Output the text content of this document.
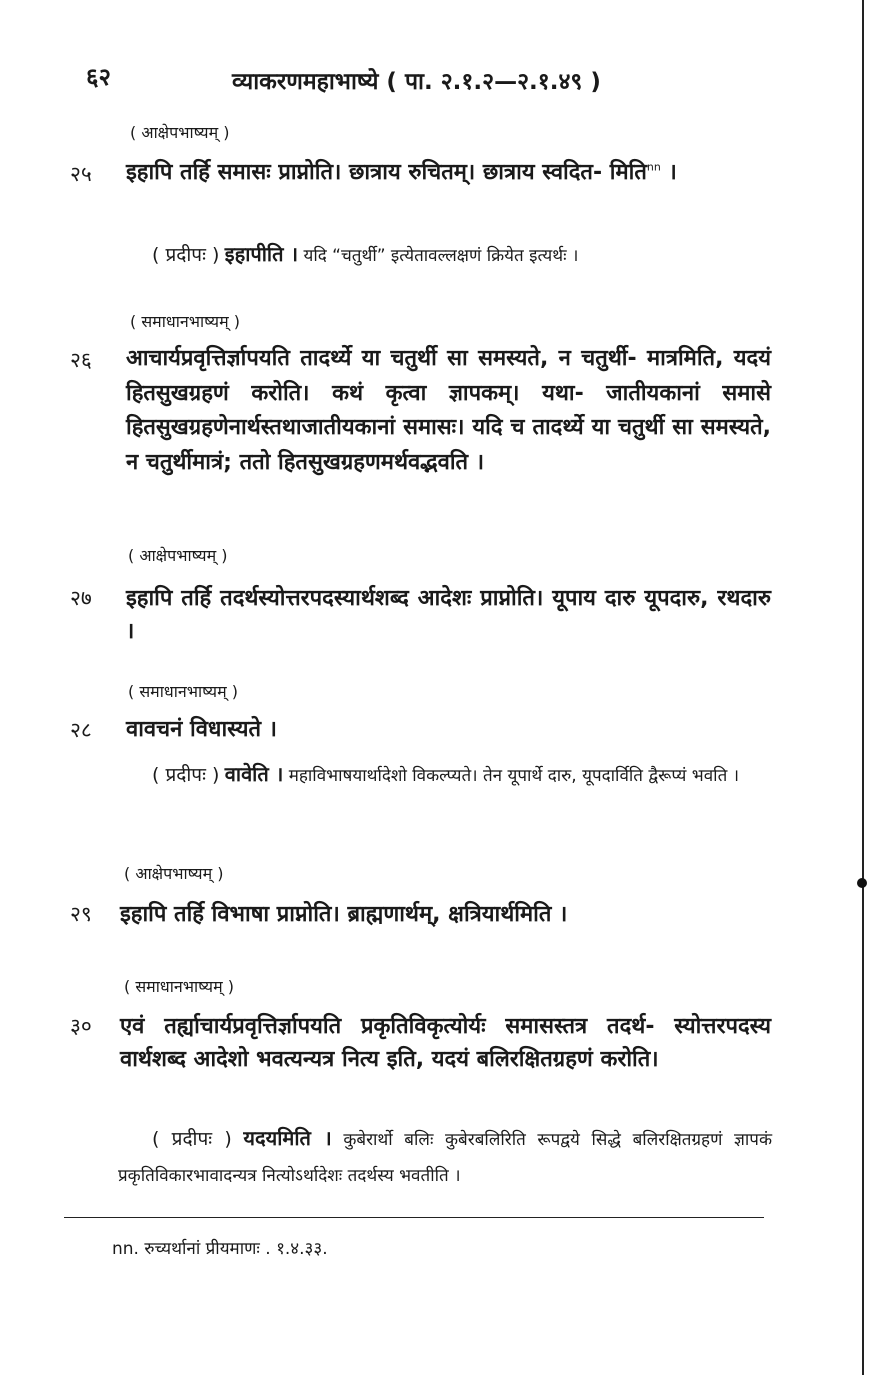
६२	व्याकरणमहाभाष्ये ( पा. २.१.२—२.१.४९ )
( आक्षेपभाष्यम् )
२५ इहापि तर्हि समासः प्राप्नोति। छात्राय रुचितम्। छात्राय स्वदित- मिति$^{nn}$ ।
( प्रदीपः ) इहापीति । यदि “चतुर्थी” इत्येतावल्लक्षणं क्रियेत इत्यर्थः ।
( समाधानभाष्यम् )
२६ आचार्यप्रवृत्तिर्ज्ञापयति तादर्थ्ये या चतुर्थी सा समस्यते, न चतुर्थी- मात्रमिति, यदयं हितसुखग्रहणं करोति। कथं कृत्वा ज्ञापकम्। यथा- जातीयकानां समासे हितसुखग्रहणेनार्थस्तथाजातीयकानां समासः। यदि च तादर्थ्ये या चतुर्थी सा समस्यते, न चतुर्थीमात्रं; ततो हितसुखग्रहणमर्थवद्भवति ।
( आक्षेपभाष्यम् )
२७ इहापि तर्हि तदर्थस्योत्तरपदस्यार्थशब्द आदेशः प्राप्नोति। यूपाय दारु यूपदारु, रथदारु ।
( समाधानभाष्यम् )
२८ वावचनं विधास्यते ।
( प्रदीपः ) वावेति । महाविभाषयार्थादेशो विकल्प्यते। तेन यूपार्थे दारु, यूपदार्विति द्वैरूप्यं भवति ।
( आक्षेपभाष्यम् )
२९ इहापि तर्हि विभाषा प्राप्नोति। ब्राह्मणार्थम्, क्षत्रियार्थमिति ।
( समाधानभाष्यम् )
३० एवं तर्ह्याचार्यप्रवृत्तिर्ज्ञापयति प्रकृतिविकृत्योर्यः समासस्तत्र तदर्थ- स्योत्तरपदस्य वार्थशब्द आदेशो भवत्यन्यत्र नित्य इति, यदयं बलिरक्षितग्रहणं करोति।
( प्रदीपः ) यदयमिति । कुबेरार्थो बलिः कुबेरबलिरिति रूपद्वये सिद्धे बलिरक्षितग्रहणं ज्ञापकं प्रकृतिविकारभावादन्यत्र नित्योऽर्थादेशः तदर्थस्य भवतीति ।
nn. रुच्यर्थानां प्रीयमाणः . १.४.३३.
